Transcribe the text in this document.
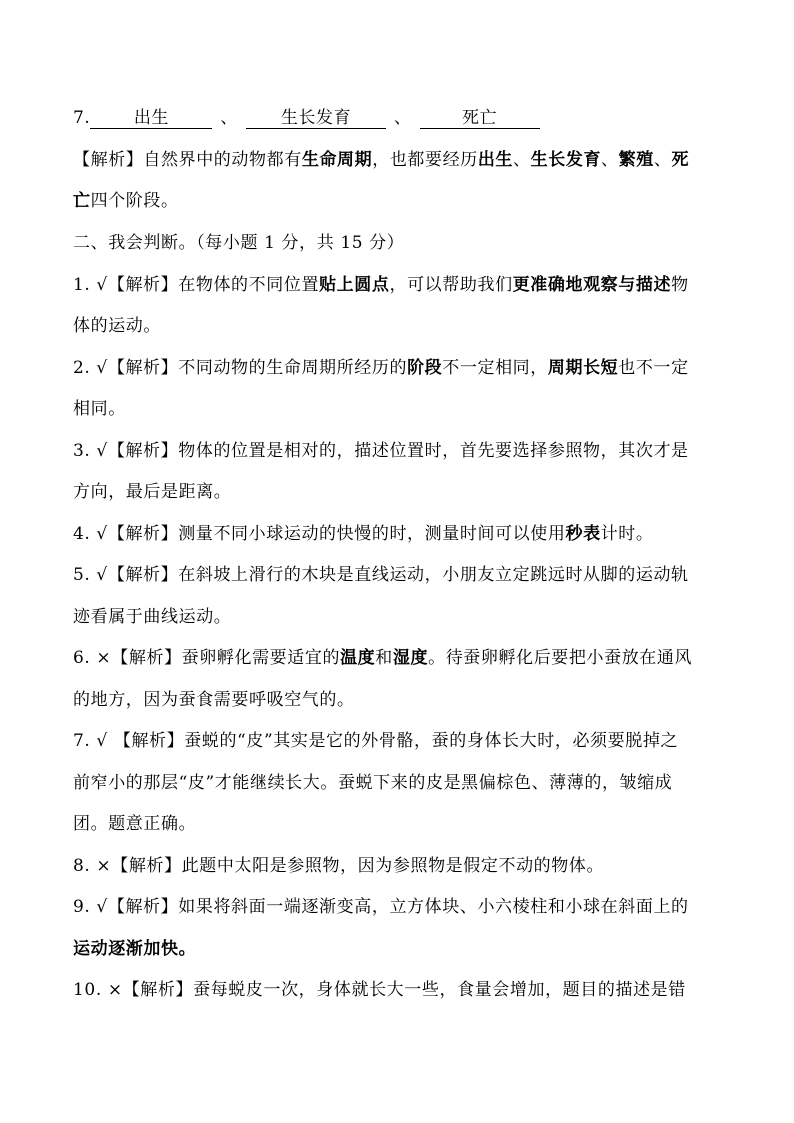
7.	出生	、	生长发育	、	死亡
【解析】自然界中的动物都有生命周期，也都要经历出生、生长发育、繁殖、死
亡四个阶段。
二、我会判断。（每小题 1 分，共 15 分）
1. √【解析】在物体的不同位置贴上圆点，可以帮助我们更准确地观察与描述物
体的运动。
2. √【解析】不同动物的生命周期所经历的阶段不一定相同，周期长短也不一定
相同。
3. √【解析】物体的位置是相对的，描述位置时，首先要选择参照物，其次才是
方向，最后是距离。
4. √【解析】测量不同小球运动的快慢的时，测量时间可以使用秒表计时。
5. √【解析】在斜坡上滑行的木块是直线运动，小朋友立定跳远时从脚的运动轨
迹看属于曲线运动。
6. ×【解析】蚕卵孵化需要适宜的温度和湿度。待蚕卵孵化后要把小蚕放在通风
的地方，因为蚕食需要呼吸空气的。
7. √ 【解析】蚕蜕的“皮”其实是它的外骨骼，蚕的身体长大时，必须要脱掉之
前窄小的那层“皮”才能继续长大。蚕蜕下来的皮是黑偏棕色、薄薄的，皱缩成
团。题意正确。
8. ×【解析】此题中太阳是参照物，因为参照物是假定不动的物体。
9. √【解析】如果将斜面一端逐渐变高，立方体块、小六棱柱和小球在斜面上的
运动逐渐加快。
10. ×【解析】蚕每蜕皮一次，身体就长大一些，食量会增加，题目的描述是错
